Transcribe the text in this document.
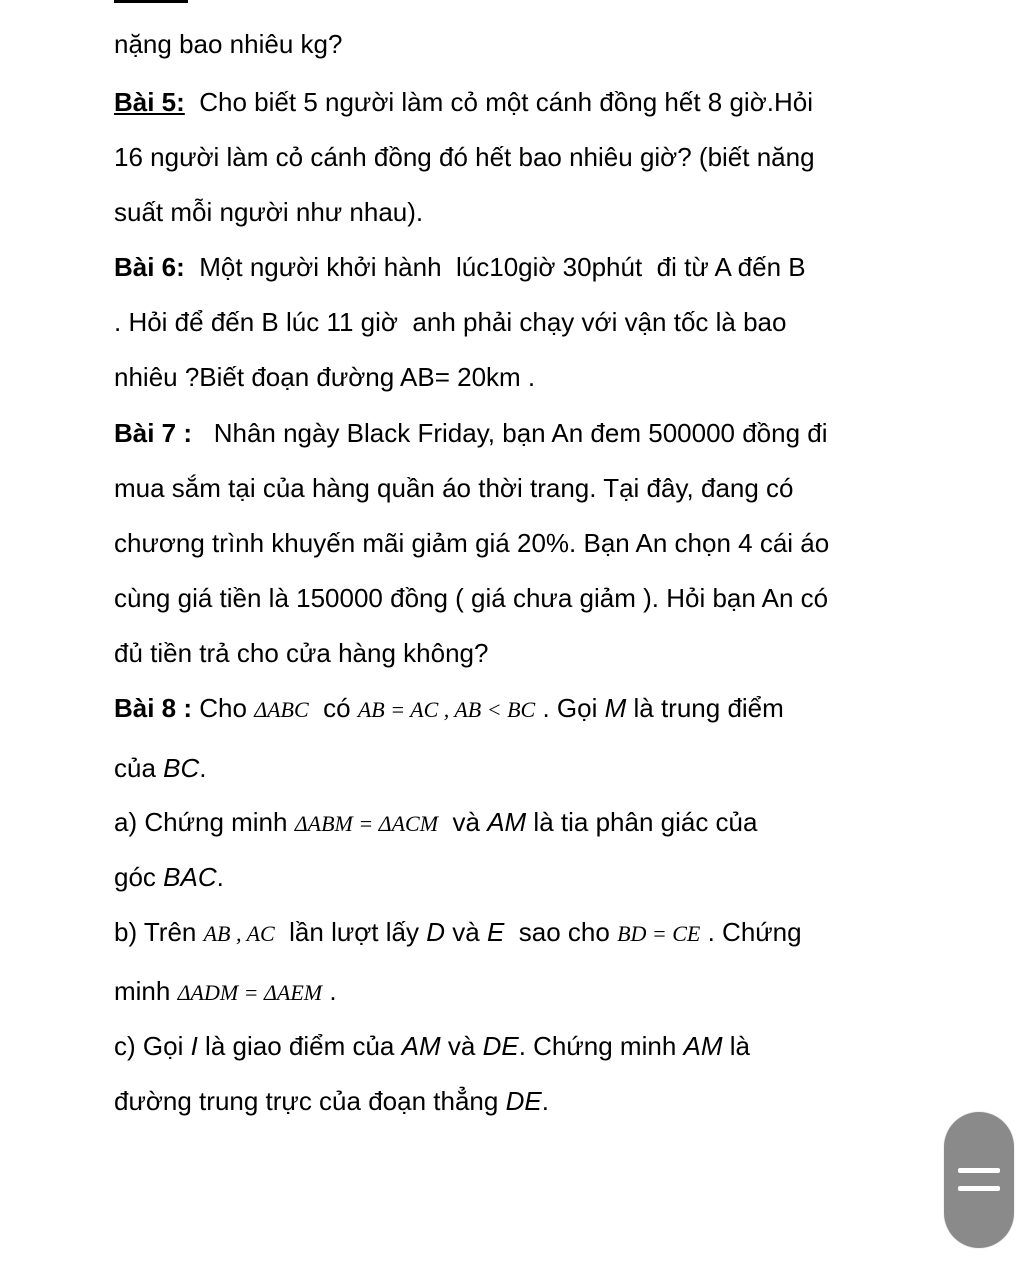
nặng bao nhiêu kg?
Bài 5: Cho biết 5 người làm cỏ một cánh đồng hết 8 giờ.Hỏi
16 người làm cỏ cánh đồng đó hết bao nhiêu giờ? (biết năng
suất mỗi người như nhau).
Bài 6: Một người khởi hành  lúc10giờ 30phút  đi từ A đến B
. Hỏi để đến B lúc 11 giờ  anh phải chạy với vận tốc là bao
nhiêu ?Biết đoạn đường AB= 20km .
Bài 7 : Nhân ngày Black Friday, bạn An đem 500000 đồng đi
mua sắm tại của hàng quần áo thời trang. Tại đây, đang có
chương trình khuyến mãi giảm giá 20%. Bạn An chọn 4 cái áo
cùng giá tiền là 150000 đồng ( giá chưa giảm ). Hỏi bạn An có
đủ tiền trả cho cửa hàng không?
Bài 8 : Cho ΔABC có AB = AC , AB < BC . Gọi M là trung điểm
của BC.
a) Chứng minh ΔABM = ΔACM và AM là tia phân giác của
góc BAC.
b) Trên AB , AC lần lượt lấy D và E sao cho BD = CE . Chứng
minh ΔADM = ΔAEM .
c) Gọi I là giao điểm của AM và DE. Chứng minh AM là
đường trung trực của đoạn thẳng DE.
